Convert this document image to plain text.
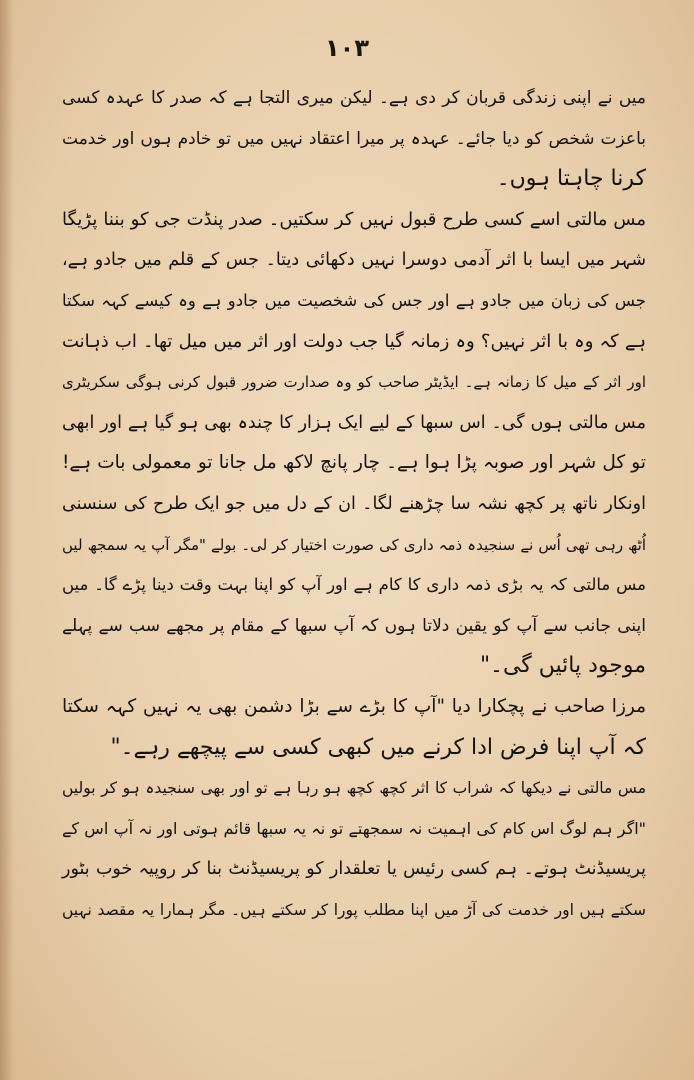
١٠٣

میں نے اپنی زندگی قربان کر دی ہے۔ لیکن میری التجا ہے کہ صدر کا عہدہ کسی
باعزت شخص کو دیا جائے۔ عہدہ پر میرا اعتقاد نہیں میں تو خادم ہوں اور خدمت
کرنا چاہتا ہوں۔

مس مالتی اسے کسی طرح قبول نہیں کر سکتیں۔ صدر پنڈت جی کو بننا پڑیگا
شہر میں ایسا با اثر آدمی دوسرا نہیں دکھائی دیتا۔ جس کے قلم میں جادو ہے،
جس کی زبان میں جادو ہے اور جس کی شخصیت میں جادو ہے وہ کیسے کہہ سکتا
ہے کہ وہ با اثر نہیں؟ وہ زمانہ گیا جب دولت اور اثر میں میل تھا۔ اب ذہانت
اور اثر کے میل کا زمانہ ہے۔ ایڈیٹر صاحب کو وہ صدارت ضرور قبول کرنی ہوگی سکریٹری
مس مالتی ہوں گی۔ اس سبھا کے لیے ایک ہزار کا چندہ بھی ہو گیا ہے اور ابھی
تو کل شہر اور صوبہ پڑا ہوا ہے۔ چار پانچ لاکھ مل جانا تو معمولی بات ہے!

اونکار ناتھ پر کچھ نشہ سا چڑھنے لگا۔ ان کے دل میں جو ایک طرح کی سنسنی
اُٹھ رہی تھی اُس نے سنجیدہ ذمہ داری کی صورت اختیار کر لی۔ بولے "مگر آپ یہ سمجھ لیں
مس مالتی کہ یہ بڑی ذمہ داری کا کام ہے اور آپ کو اپنا بہت وقت دینا پڑے گا۔ میں
اپنی جانب سے آپ کو یقین دلاتا ہوں کہ آپ سبھا کے مقام پر مجھے سب سے پہلے
موجود پائیں گی۔"

مرزا صاحب نے پچکارا دیا "آپ کا بڑے سے بڑا دشمن بھی یہ نہیں کہہ سکتا
کہ آپ اپنا فرض ادا کرنے میں کبھی کسی سے پیچھے رہے۔"

مس مالتی نے دیکھا کہ شراب کا اثر کچھ کچھ ہو رہا ہے تو اور بھی سنجیدہ ہو کر بولیں
"اگر ہم لوگ اس کام کی اہمیت نہ سمجھتے تو نہ یہ سبھا قائم ہوتی اور نہ آپ اس کے
پریسیڈنٹ ہوتے۔ ہم کسی رئیس یا تعلقدار کو پریسیڈنٹ بنا کر روپیہ خوب بٹور
سکتے ہیں اور خدمت کی آڑ میں اپنا مطلب پورا کر سکتے ہیں۔ مگر ہمارا یہ مقصد نہیں
